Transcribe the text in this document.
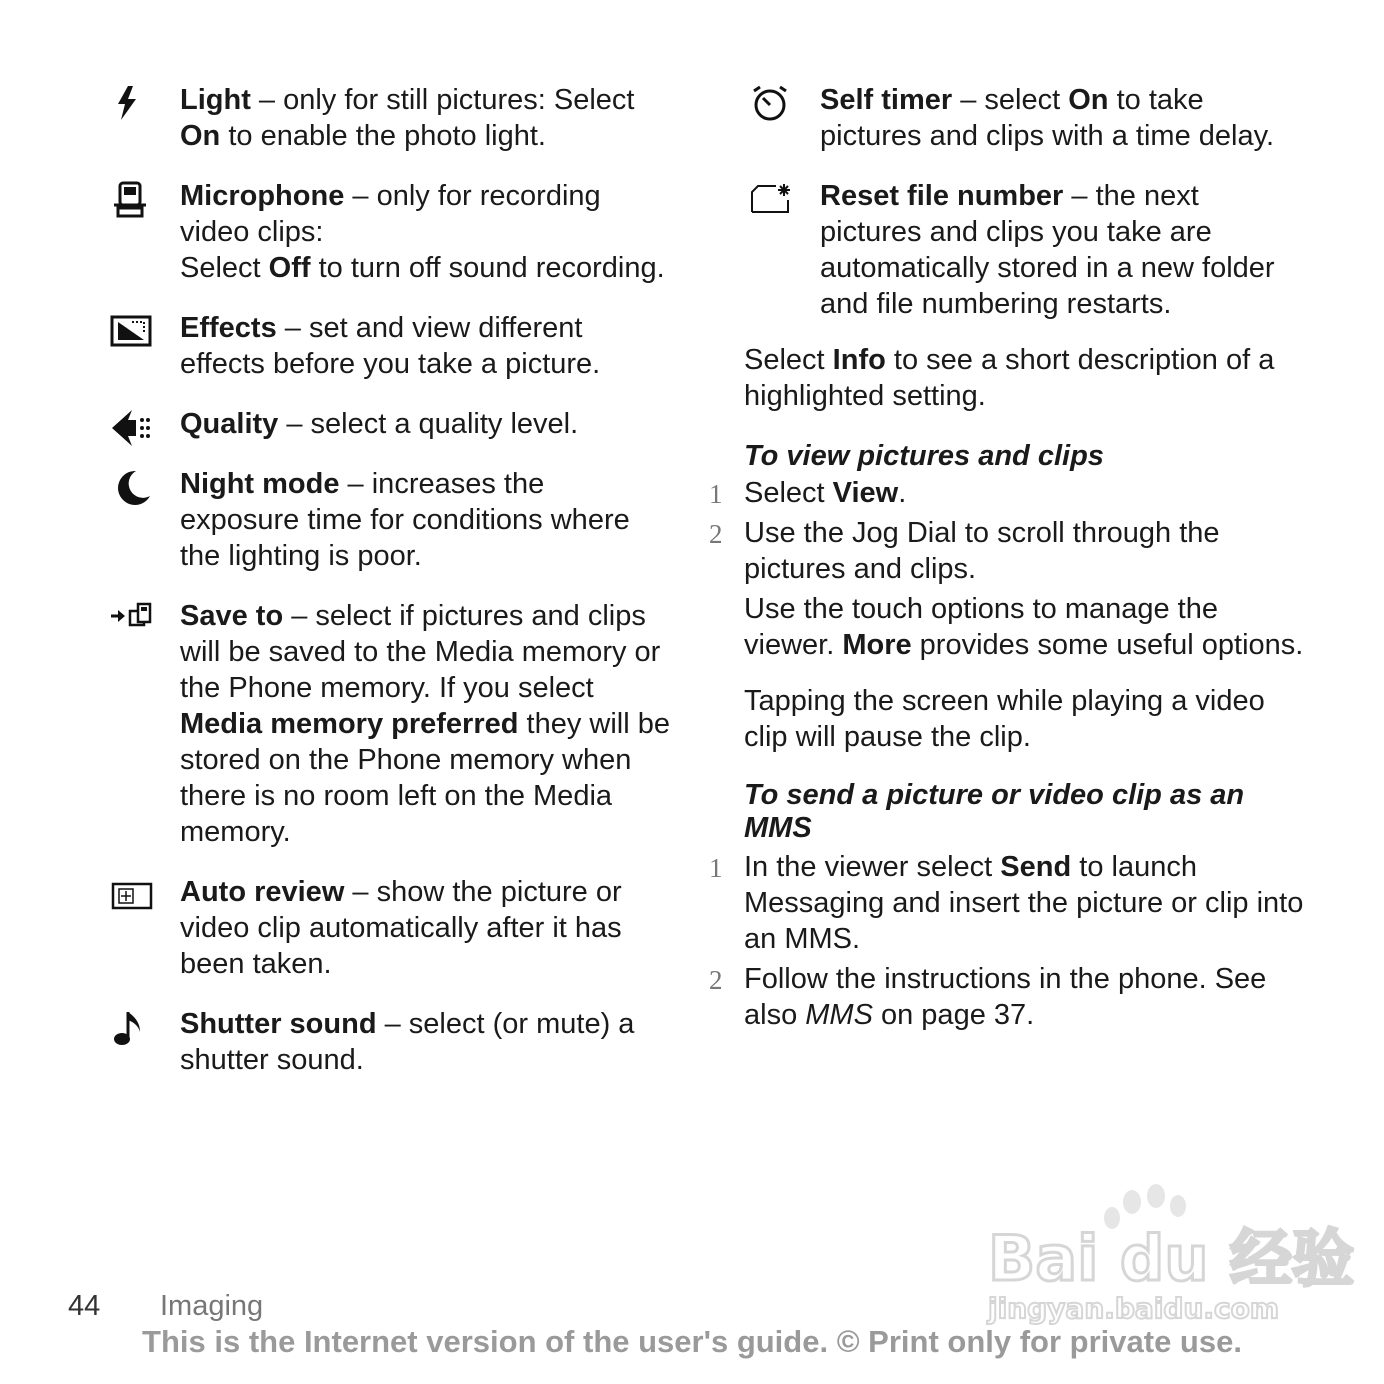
Light – only for still pictures: Select On to enable the photo light.

Microphone – only for recording video clips:
Select Off to turn off sound recording.

Effects – set and view different effects before you take a picture.

Quality – select a quality level.

Night mode – increases the exposure time for conditions where the lighting is poor.

Save to – select if pictures and clips will be saved to the Media memory or the Phone memory. If you select Media memory preferred they will be stored on the Phone memory when there is no room left on the Media memory.

Auto review – show the picture or video clip automatically after it has been taken.

Shutter sound – select (or mute) a shutter sound.

Self timer – select On to take pictures and clips with a time delay.

Reset file number – the next pictures and clips you take are automatically stored in a new folder and file numbering restarts.

Select Info to see a short description of a highlighted setting.

To view pictures and clips

1 Select View.

2 Use the Jog Dial to scroll through the pictures and clips.

Use the touch options to manage the viewer. More provides some useful options.

Tapping the screen while playing a video clip will pause the clip.

To send a picture or video clip as an MMS

1 In the viewer select Send to launch Messaging and insert the picture or clip into an MMS.

2 Follow the instructions in the phone. See also MMS on page 37.

Bai du 经验
jingyan.baidu.com
44 Imaging
This is the Internet version of the user's guide. © Print only for private use.
